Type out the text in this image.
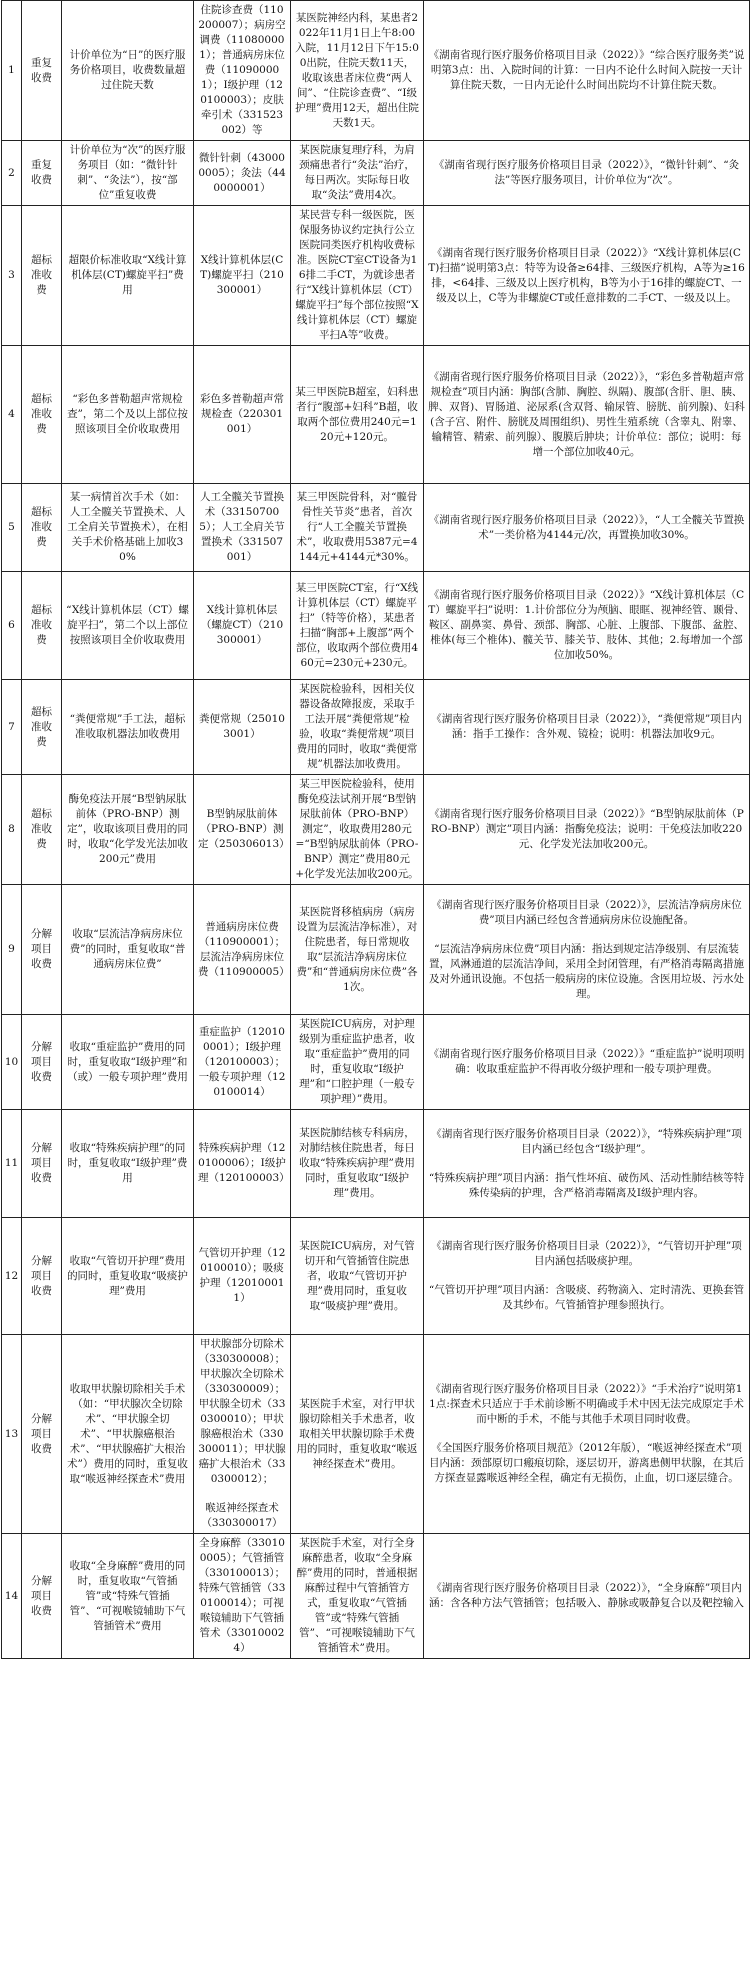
1	重复收费	计价单位为“日”的医疗服务价格项目，收费数量超过住院天数	住院诊查费（110200007）；病房空调费（110800001）；普通病房床位费（110900001）；Ⅰ级护理（120100003）；皮肤牵引术（331523002）等	某医院神经内科，某患者2022年11月1日上午8:00入院，11月12日下午15:00出院，住院天数11天，收取该患者床位费“两人间”、“住院诊查费”、“Ⅰ级护理”费用12天，超出住院天数1天。	《湖南省现行医疗服务价格项目目录（2022）》“综合医疗服务类”说明第3点：出、入院时间的计算：一日内不论什么时间入院按一天计算住院天数，一日内无论什么时间出院均不计算住院天数。
2	重复收费	计价单位为“次”的医疗服务项目（如：“微针针刺”、“灸法”），按“部位”重复收费	微针针刺（430000005）；灸法（440000001）	某医院康复理疗科，为肩颈痛患者行“灸法”治疗，每日两次。实际每日收取“灸法”费用4次。	《湖南省现行医疗服务价格项目目录（2022）》，“微针针刺”、“灸法”等医疗服务项目，计价单位为“次”。
3	超标准收费	超限价标准收取“X线计算机体层(CT)螺旋平扫”费用	X线计算机体层(CT)螺旋平扫（210300001）	某民营专科一级医院，医保服务协议约定执行公立医院同类医疗机构收费标准。医院CT室CT设备为16排二手CT，为就诊患者行“X线计算机体层（CT）螺旋平扫”每个部位按照“X线计算机体层（CT）螺旋平扫A等”收费。	《湖南省现行医疗服务价格项目目录（2022）》“X线计算机体层(CT)扫描”说明第3点：特等为设备≥64排、三级医疗机构，A等为≥16排，<64排、三级及以上医疗机构，B等为小于16排的螺旋CT、一级及以上，C等为非螺旋CT或任意排数的二手CT、一级及以上。
4	超标准收费	“彩色多普勒超声常规检查”，第二个及以上部位按照该项目全价收取费用	彩色多普勒超声常规检查（220301001）	某三甲医院B超室，妇科患者行“腹部+妇科”B超，收取两个部位费用240元=120元+120元。	《湖南省现行医疗服务价格项目目录（2022）》，“彩色多普勒超声常规检查”项目内涵：胸部(含肺、胸腔、纵隔)、腹部(含肝、胆、胰、脾、双肾)、胃肠道、泌尿系(含双肾、输尿管、膀胱、前列腺)、妇科(含子宫、附件、膀胱及周围组织)、男性生殖系统（含睾丸、附睾、输精管、精索、前列腺）、腹膜后肿块；计价单位：部位；说明：每增一个部位加收40元。
5	超标准收费	某一病情首次手术（如：人工全髋关节置换术、人工全肩关节置换术），在相关手术价格基础上加收30%	人工全髋关节置换术（331507005）；人工全肩关节置换术（331507001）	某三甲医院骨科，对“髋骨骨性关节炎”患者，首次行“人工全髋关节置换术”，收取费用5387元=4144元+4144元*30%。	《湖南省现行医疗服务价格项目目录（2022）》，“人工全髋关节置换术”一类价格为4144元/次，再置换加收30%。
6	超标准收费	“X线计算机体层（CT）螺旋平扫”，第二个以上部位按照该项目全价收取费用	X线计算机体层（螺旋CT）（210300001）	某三甲医院CT室，行“X线计算机体层（CT）螺旋平扫”（特等价格），某患者扫描“胸部+上腹部”两个部位，收取两个部位费用460元=230元+230元。	《湖南省现行医疗服务价格项目目录（2022）》“X线计算机体层（CT）螺旋平扫”说明：1.计价部位分为颅脑、眼眶、视神经管、颞骨、鞍区、副鼻窦、鼻骨、颈部、胸部、心脏、上腹部、下腹部、盆腔、椎体(每三个椎体)、髋关节、膝关节、肢体、其他；2.每增加一个部位加收50%。
7	超标准收费	“粪便常规”手工法，超标准收取机器法加收费用	粪便常规（250103001）	某医院检验科，因相关仪器设备故障报废，采取手工法开展“粪便常规”检验，收取“粪便常规”项目费用的同时，收取“粪便常规”机器法加收费用。	《湖南省现行医疗服务价格项目目录（2022）》，“粪便常规”项目内涵：指手工操作：含外观、镜检；说明：机器法加收9元。
8	超标准收费	酶免疫法开展“B型钠尿肽前体（PRO-BNP）测定”，收取该项目费用的同时，收取“化学发光法加收200元”费用	B型钠尿肽前体（PRO-BNP）测定（250306013）	某三甲医院检验科，使用酶免疫法试剂开展“B型钠尿肽前体（PRO-BNP）测定”，收取费用280元=“B型钠尿肽前体（PRO-BNP）测定”费用80元+化学发光法加收200元。	《湖南省现行医疗服务价格项目目录（2022）》“B型钠尿肽前体（PRO-BNP）测定”项目内涵：指酶免疫法；说明：干免疫法加收220元、化学发光法加收200元。
9	分解项目收费	收取“层流洁净病房床位费”的同时，重复收取“普通病房床位费”	普通病房床位费（110900001）；层流洁净病房床位费（110900005）	某医院肾移植病房（病房设置为层流洁净标准），对住院患者，每日常规收取“层流洁净病房床位费”和“普通病房床位费”各1次。	《湖南省现行医疗服务价格项目目录（2022）》，层流洁净病房床位费”项目内涵已经包含普通病房床位设施配备。
“层流洁净病房床位费”项目内涵：指达到规定洁净级别、有层流装置，风淋通道的层流洁净间，采用全封闭管理，有严格消毒隔离措施及对外通讯设施。不包括一般病房的床位设施。含医用垃圾、污水处理。

10	分解项目收费	收取“重症监护”费用的同时，重复收取“Ⅰ级护理”和（或）一般专项护理”费用	重症监护（120100001）；Ⅰ级护理（120100003）；一般专项护理（120100014）	某医院ICU病房，对护理级别为重症监护患者，收取“重症监护”费用的同时，重复收取“Ⅰ级护理”和“口腔护理（一般专项护理）”费用。	《湖南省现行医疗服务价格项目目录（2022）》“重症监护”说明项明确：收取重症监护不得再收分级护理和一般专项护理费。
11	分解项目收费	收取“特殊疾病护理”的同时，重复收取“Ⅰ级护理”费用	特殊疾病护理（120100006）；Ⅰ级护理（120100003）	某医院肺结核专科病房，对肺结核住院患者，每日收取“特殊疾病护理”费用同时，重复收取“Ⅰ级护理”费用。	《湖南省现行医疗服务价格项目目录（2022）》，“特殊疾病护理”项目内涵已经包含“Ⅰ级护理”。
“特殊疾病护理”项目内涵：指气性坏疽、破伤风、活动性肺结核等特殊传染病的护理，含严格消毒隔离及Ⅰ级护理内容。

12	分解项目收费	收取“气管切开护理”费用的同时，重复收取“吸痰护理”费用	气管切开护理（120100010）；吸痰护理（120100011）	某医院ICU病房，对气管切开和气管插管住院患者，收取“气管切开护理”费用同时，重复收取“吸痰护理”费用。	《湖南省现行医疗服务价格项目目录（2022）》，“气管切开护理”项目内涵包括吸痰护理。
“气管切开护理”项目内涵：含吸痰、药物滴入、定时清洗、更换套管及其纱布。气管插管护理参照执行。

13	分解项目收费	收取甲状腺切除相关手术（如：“甲状腺次全切除术”、“甲状腺全切术”、“甲状腺癌根治术”、“甲状腺癌扩大根治术”）费用的同时，重复收取“喉返神经探查术”费用	甲状腺部分切除术（330300008）；甲状腺次全切除术（330300009）；甲状腺全切术（330300010）；甲状腺癌根治术（330300011）；甲状腺癌扩大根治术（330300012）；
喉返神经探查术（330300017）	某医院手术室，对行甲状腺切除相关手术患者，收取相关甲状腺切除手术费用的同时，重复收取“喉返神经探查术”费用。	《湖南省现行医疗服务价格项目目录（2022）》“手术治疗”说明第11点:探查术只适应于手术前诊断不明确或手术中因无法完成原定手术而中断的手术，不能与其他手术项目同时收费。
《全国医疗服务价格项目规范》（2012年版），“喉返神经探查术”项目内涵：颈部原切口瘢痕切除，逐层切开，游离患侧甲状腺，在其后方探查显露喉返神经全程，确定有无损伤，止血，切口逐层缝合。

14	分解项目收费	收取“全身麻醉”费用的同时，重复收取“气管插管”或“特殊气管插管”、“可视喉镜辅助下气管插管术”费用	全身麻醉（330100005）；气管插管（330100013）；特殊气管插管（330100014）；可视喉镜辅助下气管插管术（330100024）	某医院手术室，对行全身麻醉患者，收取“全身麻醉”费用的同时，普通根据麻醉过程中气管插管方式，重复收取“气管插管”或“特殊气管插管”、“可视喉镜辅助下气管插管术”费用。	《湖南省现行医疗服务价格项目目录（2022）》，“全身麻醉”项目内涵：含各种方法气管插管；包括吸入、静脉或吸静复合以及靶控输入
